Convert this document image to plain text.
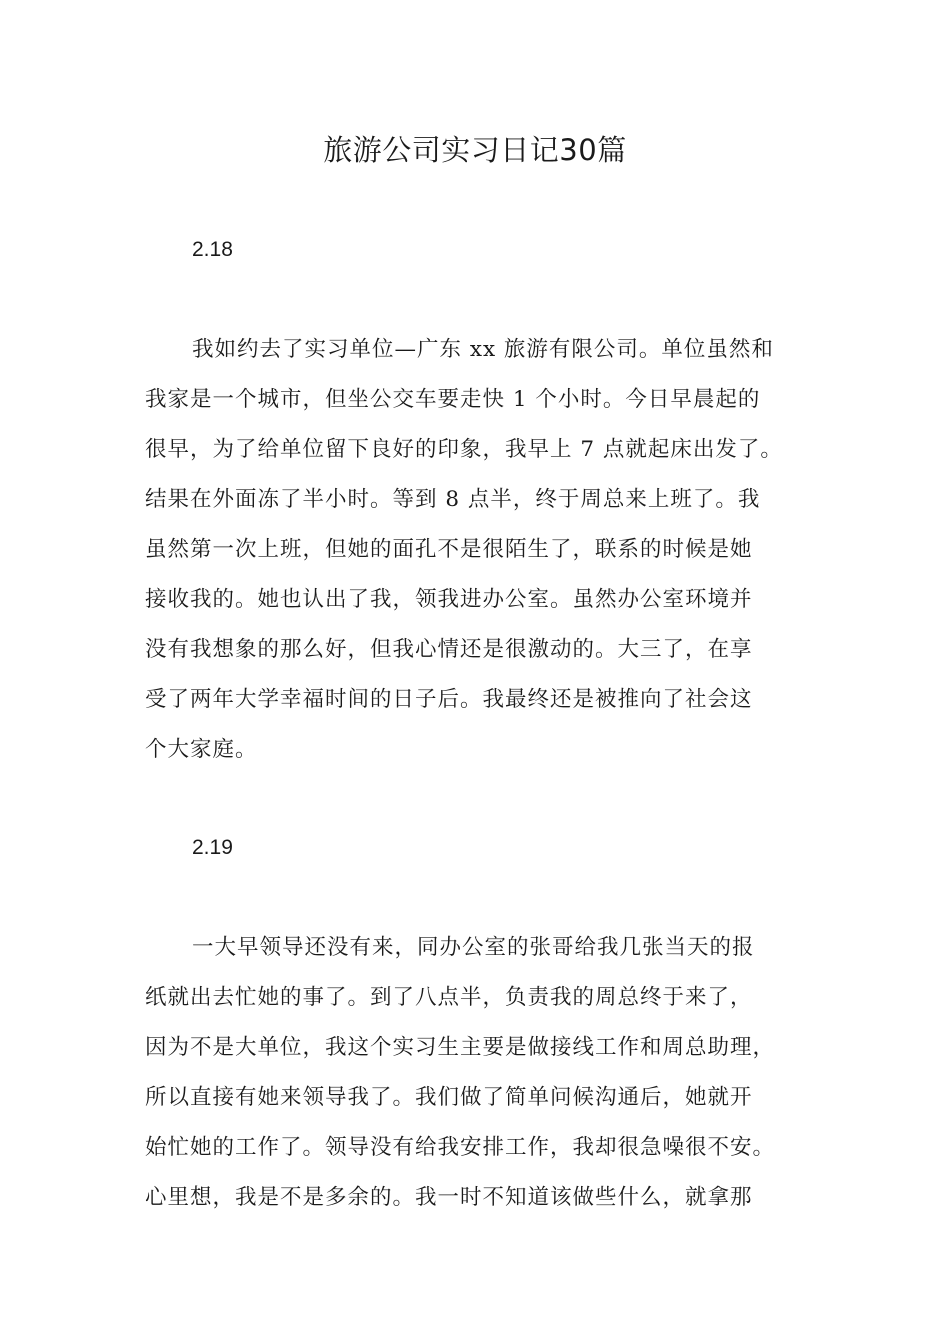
旅游公司实习日记30篇

2.18

我如约去了实习单位—广东 xx 旅游有限公司。单位虽然和
我家是一个城市，但坐公交车要走快 1 个小时。今日早晨起的
很早，为了给单位留下良好的印象，我早上 7 点就起床出发了。
结果在外面冻了半小时。等到 8 点半，终于周总来上班了。我
虽然第一次上班，但她的面孔不是很陌生了，联系的时候是她
接收我的。她也认出了我，领我进办公室。虽然办公室环境并
没有我想象的那么好，但我心情还是很激动的。大三了，在享
受了两年大学幸福时间的日子后。我最终还是被推向了社会这
个大家庭。

2.19

一大早领导还没有来，同办公室的张哥给我几张当天的报
纸就出去忙她的事了。到了八点半，负责我的周总终于来了，
因为不是大单位，我这个实习生主要是做接线工作和周总助理，
所以直接有她来领导我了。我们做了简单问候沟通后，她就开
始忙她的工作了。领导没有给我安排工作，我却很急噪很不安。
心里想，我是不是多余的。我一时不知道该做些什么，就拿那
